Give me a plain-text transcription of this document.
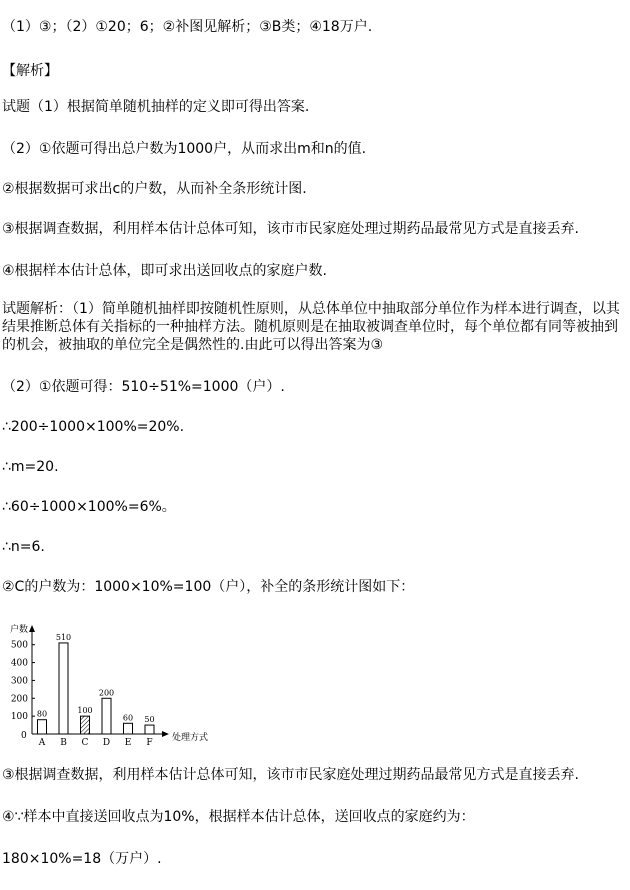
（1）③；（2）①20；6；②补图见解析；③B类；④18万户.
【解析】
试题（1）根据简单随机抽样的定义即可得出答案.
（2）①依题可得出总户数为1000户，从而求出m和n的值.
②根据数据可求出c的户数，从而补全条形统计图.
③根据调查数据，利用样本估计总体可知，该市市民家庭处理过期药品最常见方式是直接丢弃.
④根据样本估计总体，即可求出送回收点的家庭户数.
试题解析：（1）简单随机抽样即按随机性原则，从总体单位中抽取部分单位作为样本进行调查，以其结果推断总体有关指标的一种抽样方法。随机原则是在抽取被调查单位时，每个单位都有同等被抽到的机会，被抽取的单位完全是偶然性的.由此可以得出答案为③
（2）①依题可得：510÷51%=1000（户）.
∴200÷1000×100%=20%.
∴m=20.
∴60÷1000×100%=6%。
∴n=6.
②C的户数为：1000×10%=100（户），补全的条形统计图如下：
户数
处理方式
0
100
200
300
400
500
80
A
510
B
100
C
200
D
60
E
50
F
③根据调查数据，利用样本估计总体可知，该市市民家庭处理过期药品最常见方式是直接丢弃.
④∵样本中直接送回收点为10%，根据样本估计总体，送回收点的家庭约为：
180×10%=18（万户）.
